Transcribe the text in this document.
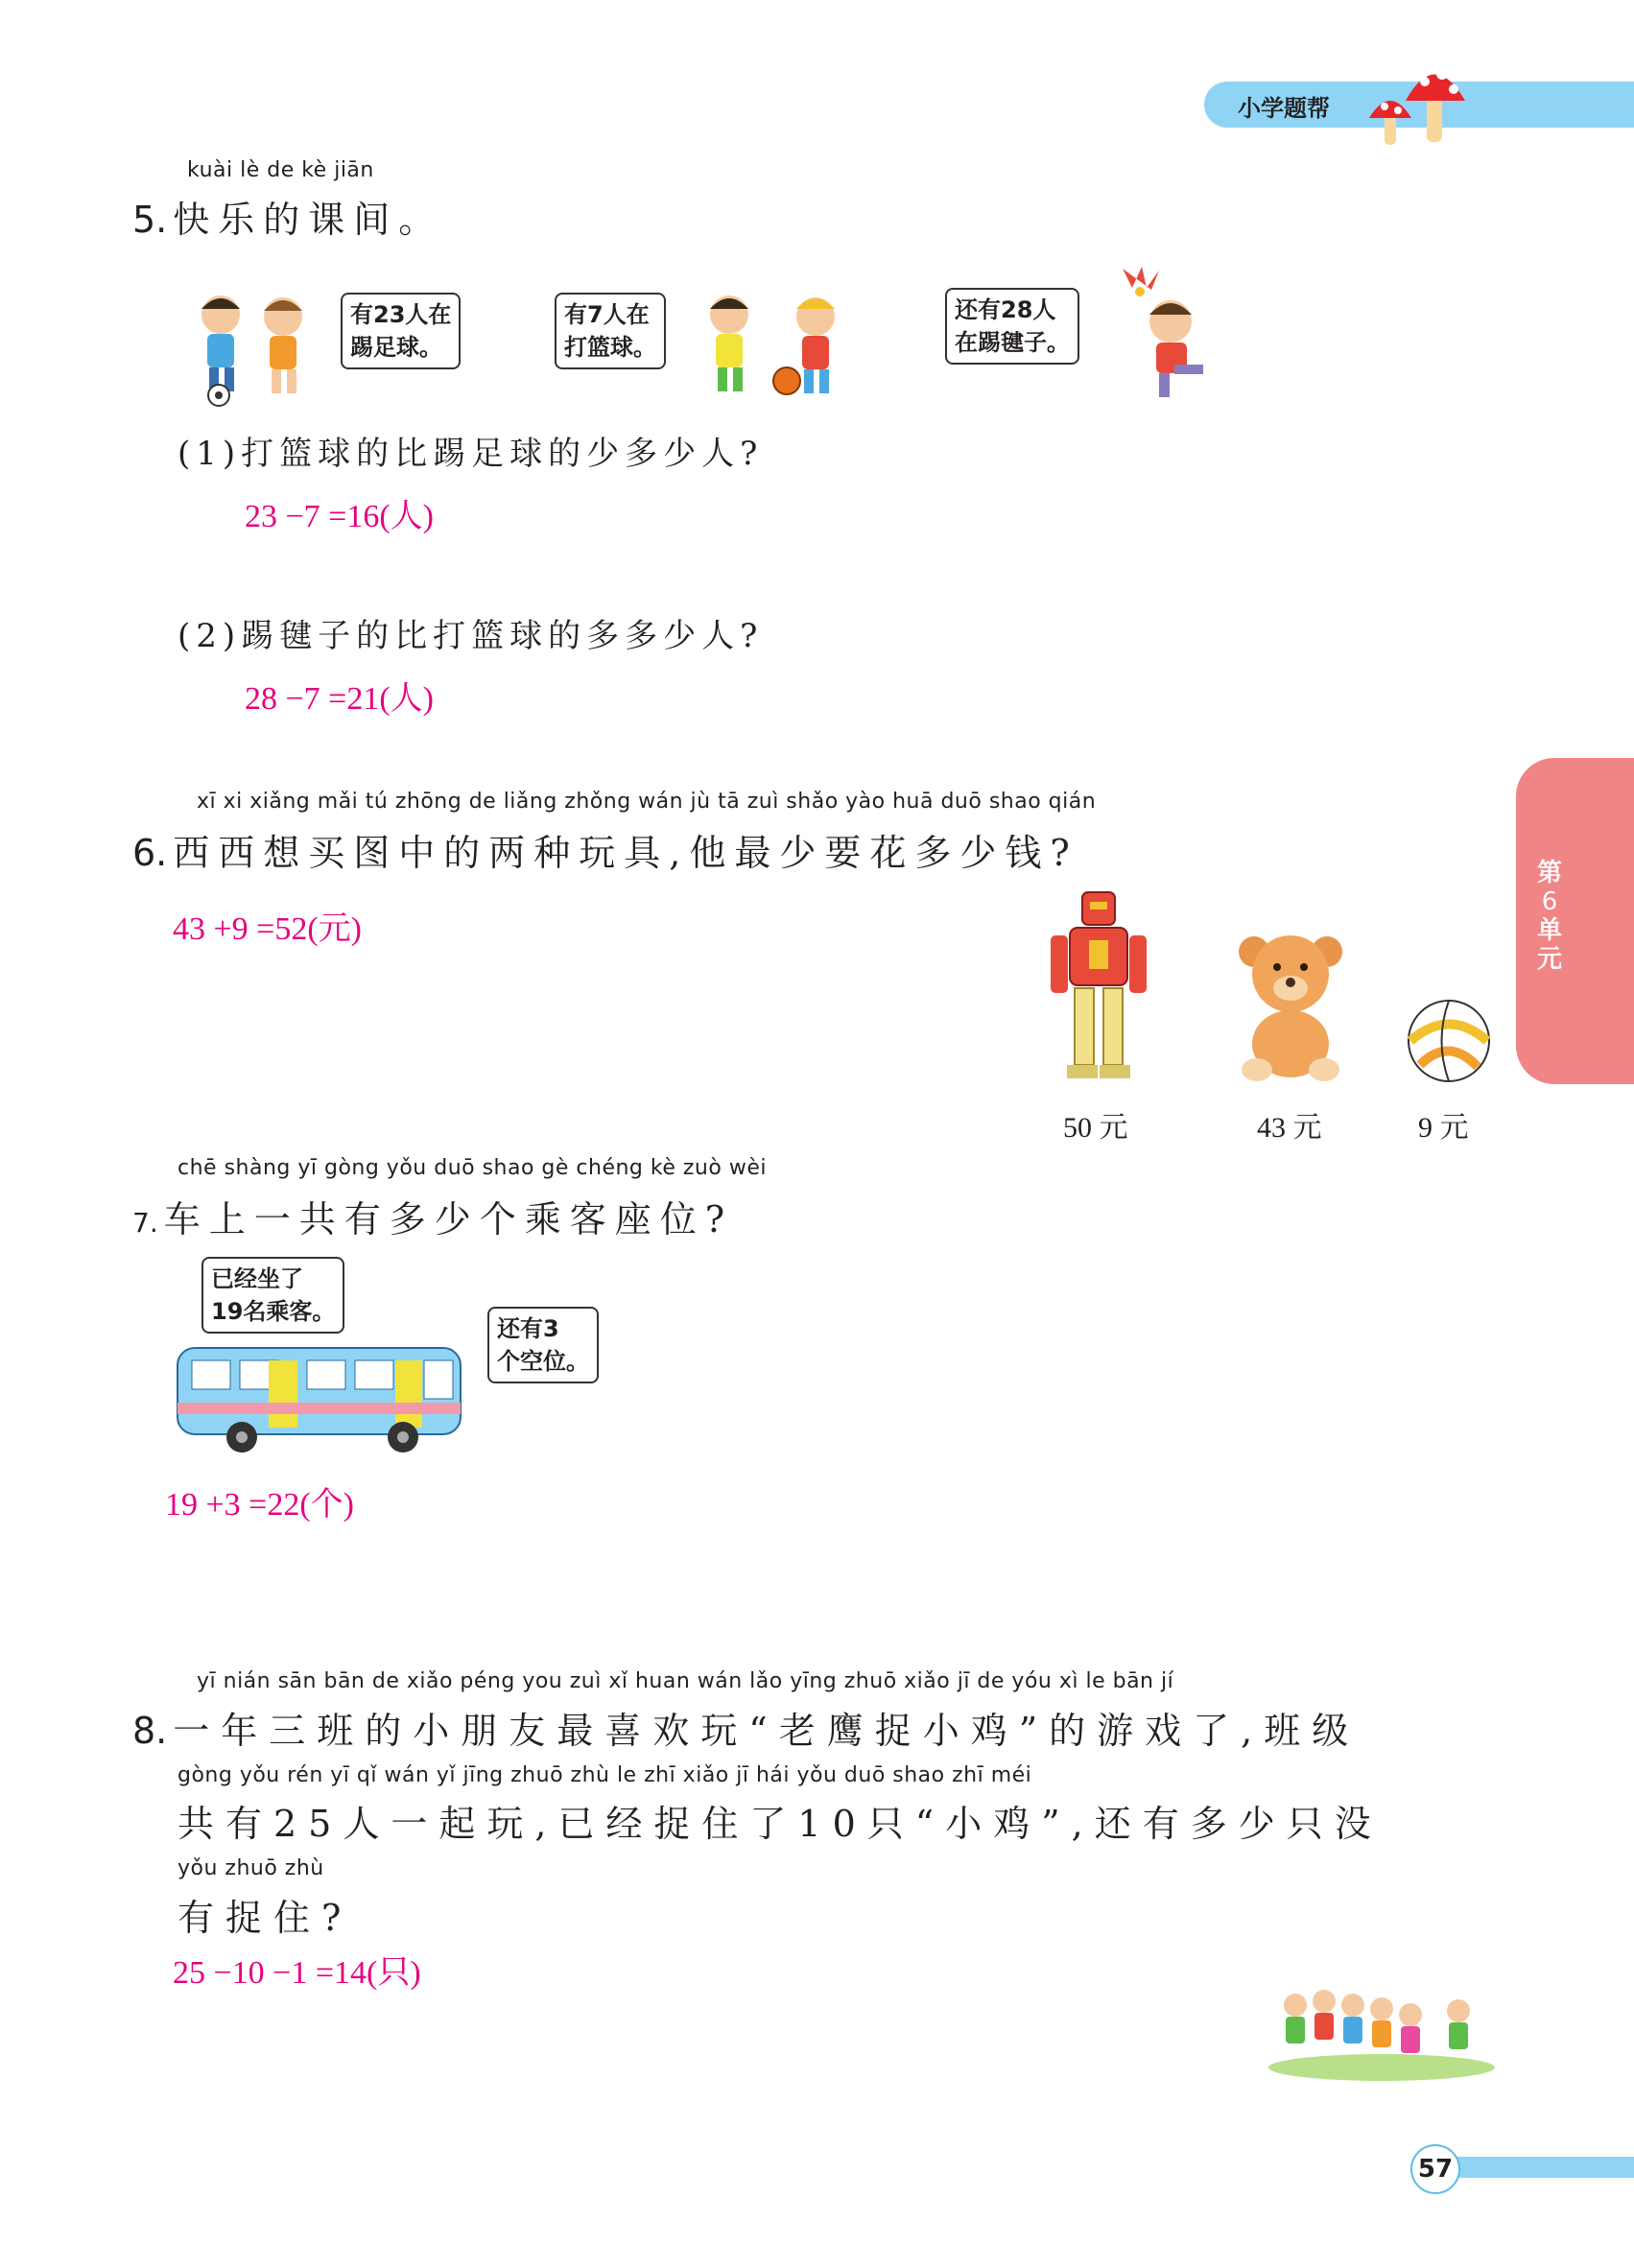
小学题帮
第
6
单
元
kuài lè de kè jiān
5. 快乐的课间。
有23人在
踢足球。
有7人在
打篮球。
还有28人
在踢毽子。
(1)打篮球的比踢足球的少多少人?
23 −7 =16(人)
(2)踢毽子的比打篮球的多多少人?
28 −7 =21(人)
xī xi xiǎng mǎi tú zhōng de liǎng zhǒng wán jù tā zuì shǎo yào huā duō shao qián
6. 西西想买图中的两种玩具,他最少要花多少钱?
43 +9 =52(元)
50 元	43 元	9 元
chē shàng yī gòng yǒu duō shao gè chéng kè zuò wèi
7. 车上一共有多少个乘客座位?
已经坐了
19名乘客。
还有3
个空位。
19 +3 =22(个)
yī nián sān bān de xiǎo péng you zuì xǐ huan wán lǎo yīng zhuō xiǎo jī de yóu xì le bān jí
8. 一年三班的小朋友最喜欢玩“老鹰捉小鸡”的游戏了,班级
gòng yǒu rén yī qǐ wán yǐ jīng zhuō zhù le zhī xiǎo jī hái yǒu duō shao zhī méi
共有25人一起玩,已经捉住了10只“小鸡”,还有多少只没
yǒu zhuō zhù
有捉住?
25 −10 −1 =14(只)
57
